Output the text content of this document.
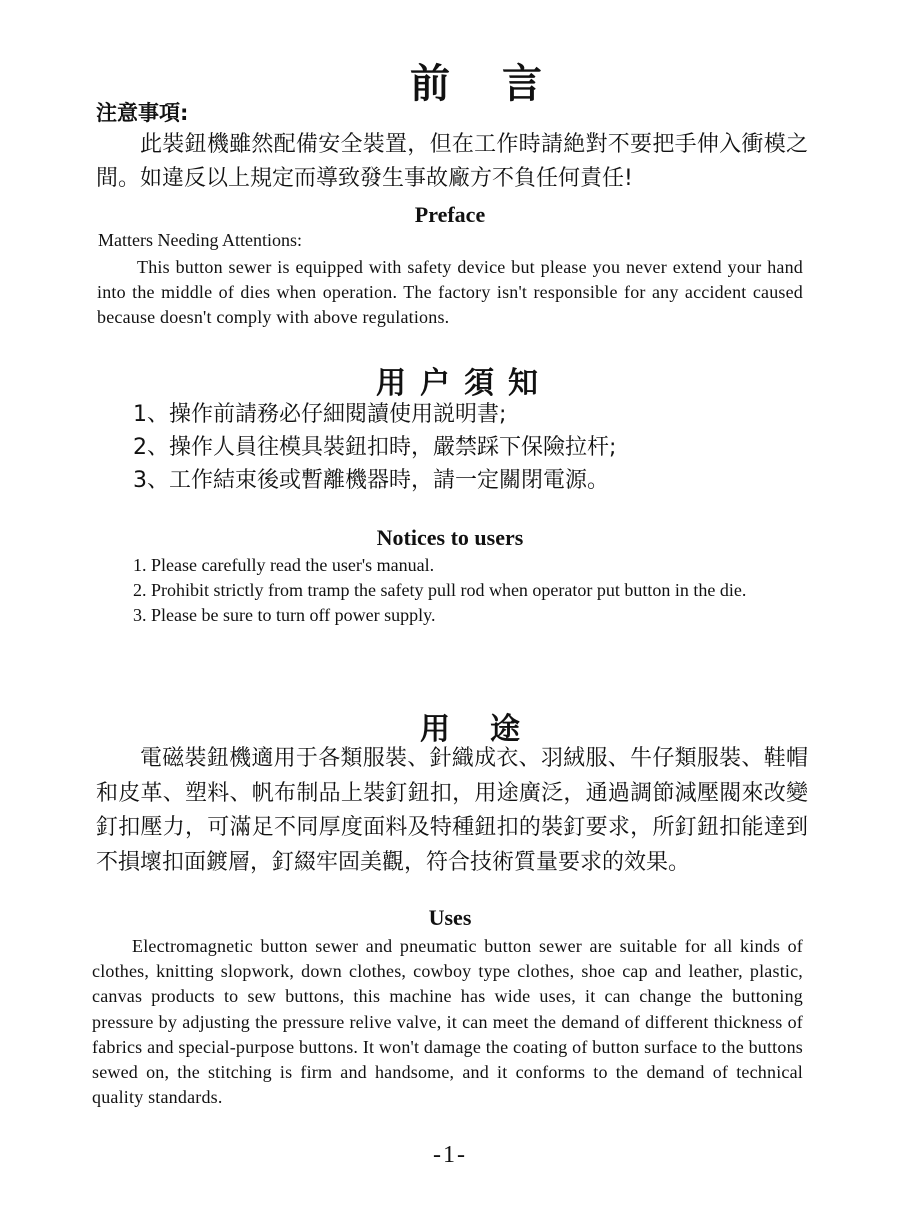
前言
注意事項:
此裝鈕機雖然配備安全裝置，但在工作時請絶對不要把手伸入衝模之間。如違反以上規定而導致發生事故廠方不負任何責任!
Preface
Matters Needing Attentions:
This button sewer is equipped with safety device but please you never extend your hand into the middle of dies when operation. The factory isn't responsible for any accident caused because doesn't comply with above regulations.
用户須知
1、操作前請務必仔細閱讀使用説明書;
2、操作人員往模具裝鈕扣時，嚴禁踩下保險拉杆;
3、工作結束後或暫離機器時，請一定關閉電源。
Notices to users
1. Please carefully read the user's manual.
2. Prohibit strictly from tramp the safety pull rod when operator put button in the die.
3. Please be sure to turn off power supply.
用途
電磁裝鈕機適用于各類服裝、針織成衣、羽絨服、牛仔類服裝、鞋帽和皮革、塑料、帆布制品上裝釘鈕扣，用途廣泛，通過調節減壓閥來改變釘扣壓力，可滿足不同厚度面料及特種鈕扣的裝釘要求，所釘鈕扣能達到不損壞扣面鍍層，釘綴牢固美觀，符合技術質量要求的效果。
Uses
Electromagnetic button sewer and pneumatic button sewer are suitable for all kinds of clothes, knitting slopwork, down clothes, cowboy type clothes, shoe cap and leather, plastic, canvas products to sew buttons, this machine has wide uses, it can change the buttoning pressure by adjusting the pressure relive valve, it can meet the demand of different thickness of fabrics and special-purpose buttons. It won't damage the coating of button surface to the buttons sewed on, the stitching is firm and handsome, and it conforms to the demand of technical quality standards.
-1-
